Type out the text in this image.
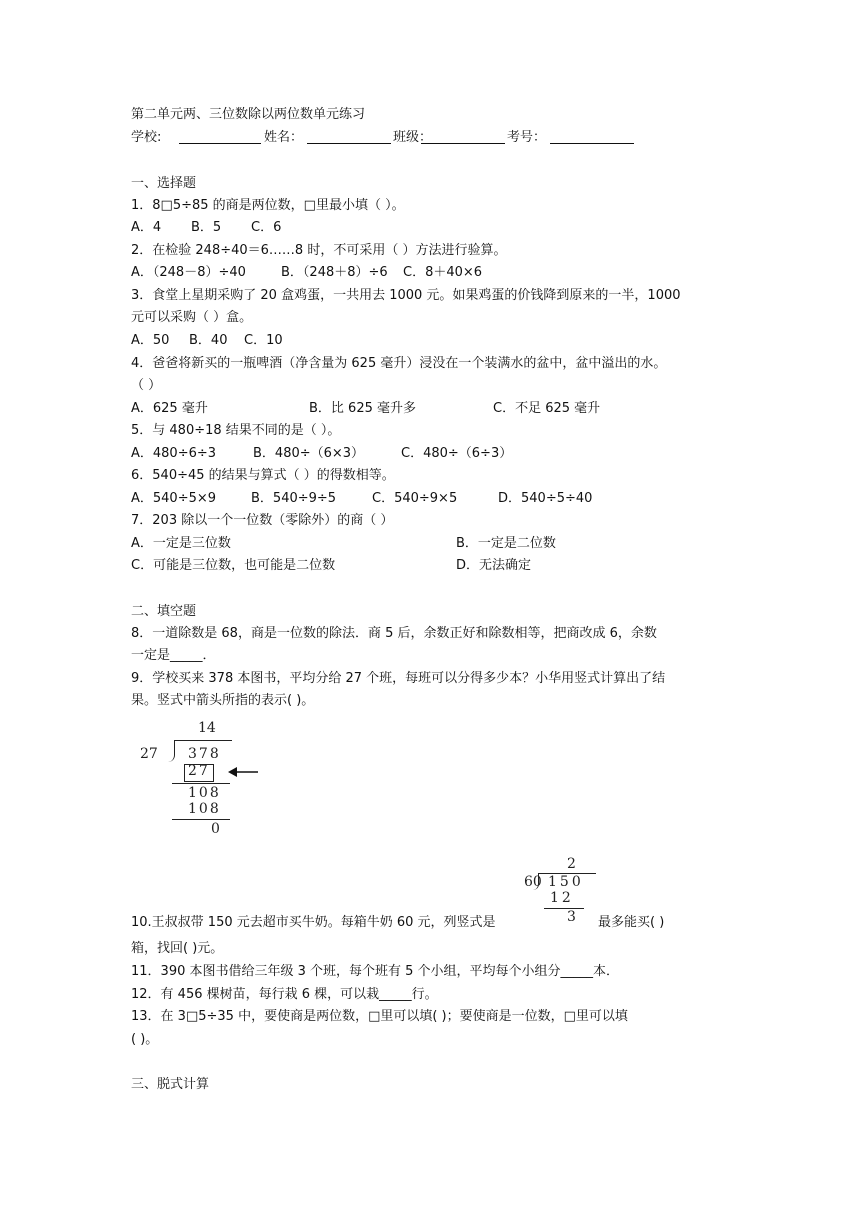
第二单元两、三位数除以两位数单元练习
学校:	姓名：	班级：	考号：
一、选择题
1．8□5÷85 的商是两位数，□里最小填（ ）。
A．4 B．5 C．6
2．在检验 248÷40＝6……8 时，不可采用（ ）方法进行验算。
A．（248－8）÷40	B．（248＋8）÷6 C．8＋40×6
3．食堂上星期采购了 20 盒鸡蛋，一共用去 1000 元。如果鸡蛋的价钱降到原来的一半，1000
元可以采购（ ）盒。
A．50 B．40 C．10
4．爸爸将新买的一瓶啤酒（净含量为 625 毫升）浸没在一个装满水的盆中，盆中溢出的水。
（ ）
A．625 毫升	B．比 625 毫升多	C．不足 625 毫升
5．与 480÷18 结果不同的是（ ）。
A．480÷6÷3	B．480÷（6×3）	C．480÷（6÷3）
6．540÷45 的结果与算式（ ）的得数相等。
A．540÷5×9	B．540÷9÷5	C．540÷9×5	D．540÷5÷40
7．203 除以一个一位数（零除外）的商（ ）
A．一定是三位数	B．一定是二位数
C．可能是三位数，也可能是二位数	D．无法确定
二、填空题
8．一道除数是 68，商是一位数的除法．商 5 后，余数正好和除数相等，把商改成 6，余数
一定是_____．
9．学校买来 378 本图书，平均分给 27 个班，每班可以分得多少本？小华用竖式计算出了结
果。竖式中箭头所指的表示( )。
14
27 378
27
108
108
0
2
60 150
12
3
10.王叔叔带 150 元去超市买牛奶。每箱牛奶 60 元，列竖式是	最多能买( )
箱，找回( )元。
11．390 本图书借给三年级 3 个班，每个班有 5 个小组，平均每个小组分_____本．
12．有 456 棵树苗，每行栽 6 棵，可以栽_____行。
13．在 3□5÷35 中，要使商是两位数，□里可以填( )；要使商是一位数，□里可以填
( )。
三、脱式计算
